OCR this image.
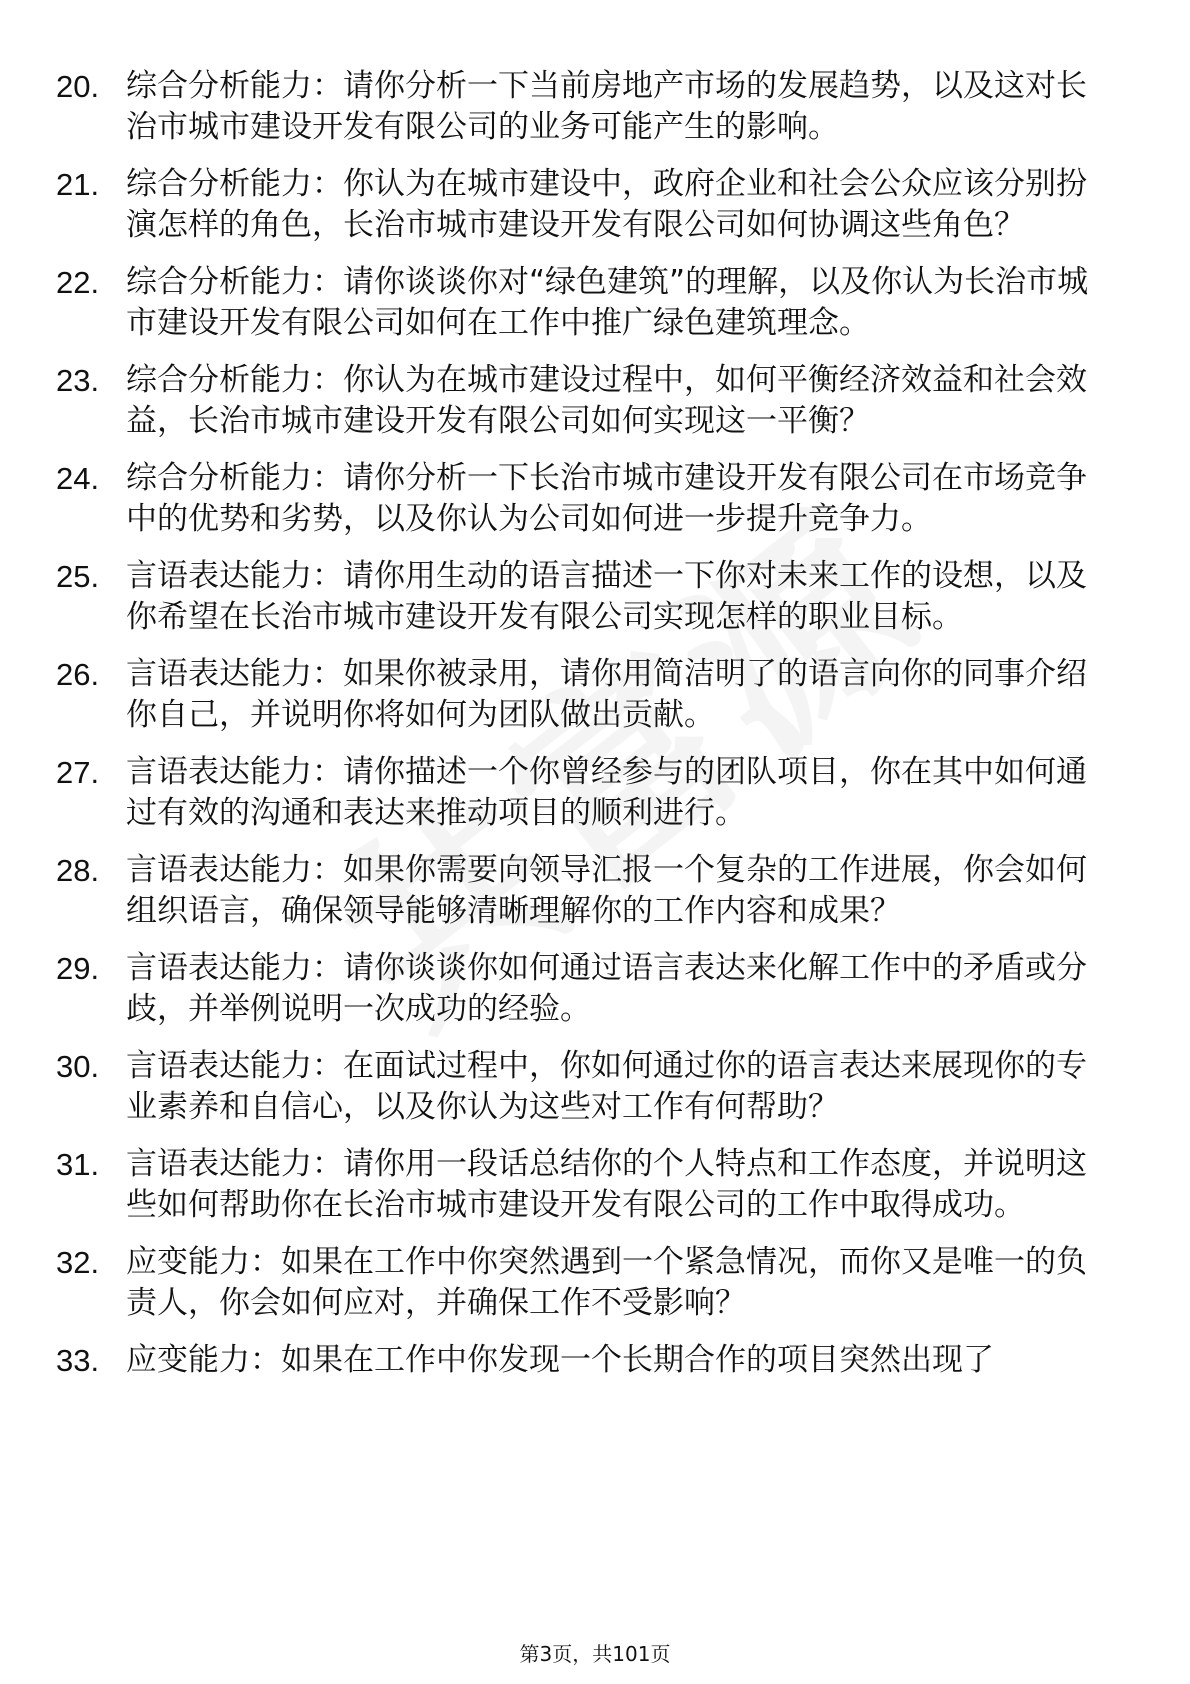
20. 综合分析能力：请你分析一下当前房地产市场的发展趋势，以及这对长治市城市建设开发有限公司的业务可能产生的影响。
21. 综合分析能力：你认为在城市建设中，政府企业和社会公众应该分别扮演怎样的角色，长治市城市建设开发有限公司如何协调这些角色？
22. 综合分析能力：请你谈谈你对“绿色建筑”的理解，以及你认为长治市城市建设开发有限公司如何在工作中推广绿色建筑理念。
23. 综合分析能力：你认为在城市建设过程中，如何平衡经济效益和社会效益，长治市城市建设开发有限公司如何实现这一平衡？
24. 综合分析能力：请你分析一下长治市城市建设开发有限公司在市场竞争中的优势和劣势，以及你认为公司如何进一步提升竞争力。
25. 言语表达能力：请你用生动的语言描述一下你对未来工作的设想，以及你希望在长治市城市建设开发有限公司实现怎样的职业目标。
26. 言语表达能力：如果你被录用，请你用简洁明了的语言向你的同事介绍你自己，并说明你将如何为团队做出贡献。
27. 言语表达能力：请你描述一个你曾经参与的团队项目，你在其中如何通过有效的沟通和表达来推动项目的顺利进行。
28. 言语表达能力：如果你需要向领导汇报一个复杂的工作进展，你会如何组织语言，确保领导能够清晰理解你的工作内容和成果？
29. 言语表达能力：请你谈谈你如何通过语言表达来化解工作中的矛盾或分歧，并举例说明一次成功的经验。
30. 言语表达能力：在面试过程中，你如何通过你的语言表达来展现你的专业素养和自信心，以及你认为这些对工作有何帮助？
31. 言语表达能力：请你用一段话总结你的个人特点和工作态度，并说明这些如何帮助你在长治市城市建设开发有限公司的工作中取得成功。
32. 应变能力：如果在工作中你突然遇到一个紧急情况，而你又是唯一的负责人，你会如何应对，并确保工作不受影响？
33. 应变能力：如果在工作中你发现一个长期合作的项目突然出现了
第3页，共101页
